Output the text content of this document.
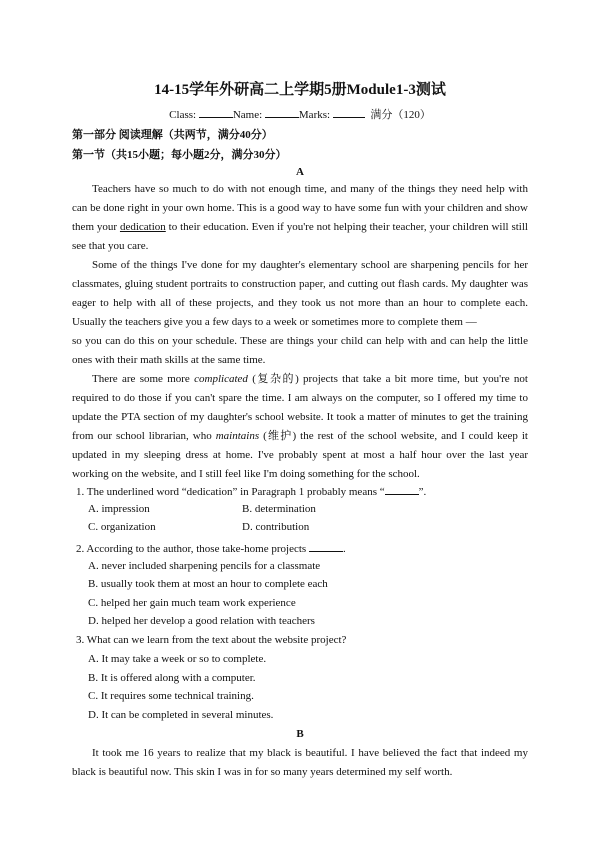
14-15学年外研高二上学期5册Module1-3测试
Class:	Name:	Marks:	满分（120）
第一部分 阅读理解（共两节，满分40分）
第一节（共15小题；每小题2分，满分30分）
A

Teachers have so much to do with not enough time, and many of the things they need help with can be done right in your own home. This is a good way to have some fun with your children and show them your dedication to their education. Even if you're not helping their teacher, your children will still see that you care.

Some of the things I've done for my daughter's elementary school are sharpening pencils for her classmates, gluing student portraits to construction paper, and cutting out flash cards. My daughter was eager to help with all of these projects, and they took us not more than an hour to complete each. Usually the teachers give you a few days to a week or sometimes more to complete them —

so you can do this on your schedule. These are things your child can help with and can help the little ones with their math skills at the same time.

There are some more complicated (复杂的) projects that take a bit more time, but you're not required to do those if you can't spare the time. I am always on the computer, so I offered my time to update the PTA section of my daughter's school website. It took a matter of minutes to get the training from our school librarian, who maintains (维护) the rest of the school website, and I could keep it updated in my sleeping dress at home. I've probably spent at most a half hour over the last year working on the website, and I still feel like I'm doing something for the school.

1. The underlined word “dedication” in Paragraph 1 probably means “	”.
A. impression	B. determination
C. organization	D. contribution
2. According to the author, those take-home projects	.
A. never included sharpening pencils for a classmate
B. usually took them at most an hour to complete each
C. helped her gain much team work experience
D. helped her develop a good relation with teachers
3. What can we learn from the text about the website project?
A. It may take a week or so to complete.
B. It is offered along with a computer.
C. It requires some technical training.
D. It can be completed in several minutes.
B

It took me 16 years to realize that my black is beautiful. I have believed the fact that indeed my black is beautiful now. This skin I was in for so many years determined my self worth.
